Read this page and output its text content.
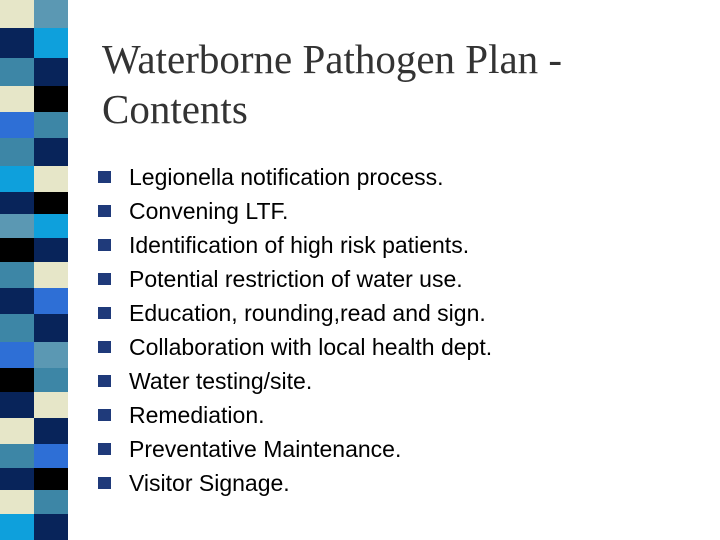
Waterborne Pathogen Plan - Contents
Legionella notification process.
Convening LTF.
Identification of high risk patients.
Potential restriction of water use.
Education, rounding,read and sign.
Collaboration with local health dept.
Water testing/site.
Remediation.
Preventative Maintenance.
Visitor Signage.
